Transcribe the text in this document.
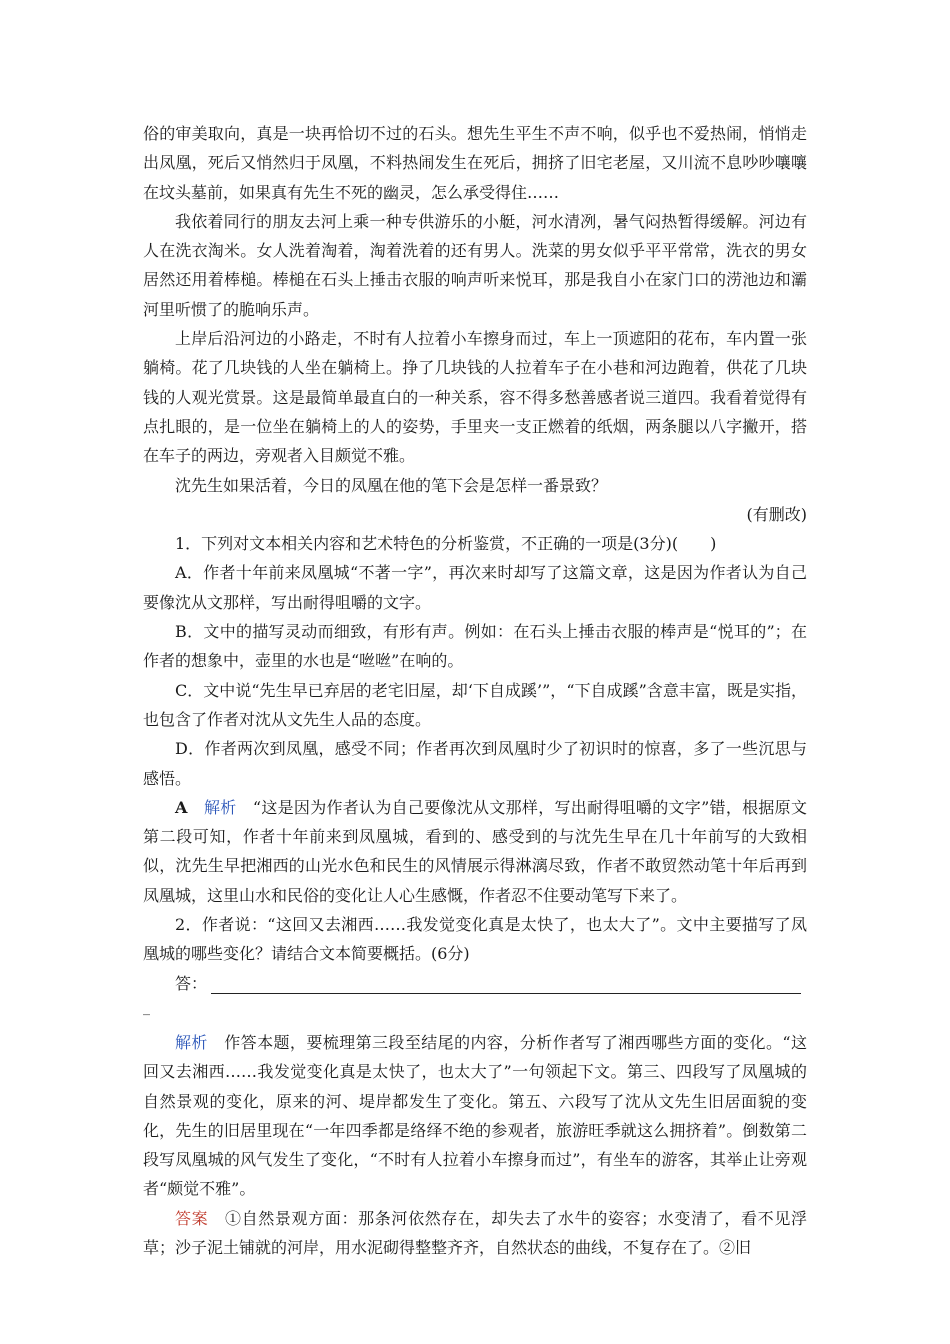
俗的审美取向，真是一块再恰切不过的石头。想先生平生不声不响，似乎也不爱热闹，悄悄走出凤凰，死后又悄然归于凤凰，不料热闹发生在死后，拥挤了旧宅老屋，又川流不息吵吵嚷嚷在坟头墓前，如果真有先生不死的幽灵，怎么承受得住……

我依着同行的朋友去河上乘一种专供游乐的小艇，河水清冽，暑气闷热暂得缓解。河边有人在洗衣淘米。女人洗着淘着，淘着洗着的还有男人。洗菜的男女似乎平平常常，洗衣的男女居然还用着棒槌。棒槌在石头上捶击衣服的响声听来悦耳，那是我自小在家门口的涝池边和灞河里听惯了的脆响乐声。

上岸后沿河边的小路走，不时有人拉着小车擦身而过，车上一顶遮阳的花布，车内置一张躺椅。花了几块钱的人坐在躺椅上。挣了几块钱的人拉着车子在小巷和河边跑着，供花了几块钱的人观光赏景。这是最简单最直白的一种关系，容不得多愁善感者说三道四。我看着觉得有点扎眼的，是一位坐在躺椅上的人的姿势，手里夹一支正燃着的纸烟，两条腿以八字撇开，搭在车子的两边，旁观者入目颇觉不雅。

沈先生如果活着，今日的凤凰在他的笔下会是怎样一番景致？

(有删改)

1．下列对文本相关内容和艺术特色的分析鉴赏，不正确的一项是(3分)(　　)

A．作者十年前来凤凰城“不著一字”，再次来时却写了这篇文章，这是因为作者认为自己要像沈从文那样，写出耐得咀嚼的文字。

B．文中的描写灵动而细致，有形有声。例如：在石头上捶击衣服的棒声是“悦耳的”；在作者的想象中，壶里的水也是“咝咝”在响的。

C．文中说“先生早已弃居的老宅旧屋，却‘下自成蹊’”，“下自成蹊”含意丰富，既是实指，也包含了作者对沈从文先生人品的态度。

D．作者两次到凤凰，感受不同；作者再次到凤凰时少了初识时的惊喜，多了一些沉思与感悟。

A　 解析　 “这是因为作者认为自己要像沈从文那样，写出耐得咀嚼的文字”错，根据原文第二段可知，作者十年前来到凤凰城，看到的、感受到的与沈先生早在几十年前写的大致相似，沈先生早把湘西的山光水色和民生的风情展示得淋漓尽致，作者不敢贸然动笔十年后再到凤凰城，这里山水和民俗的变化让人心生感慨，作者忍不住要动笔写下来了。

2．作者说：“这回又去湘西……我发觉变化真是太快了，也太大了”。文中主要描写了凤凰城的哪些变化？请结合文本简要概括。(6分)

答：

_

解析　 作答本题，要梳理第三段至结尾的内容，分析作者写了湘西哪些方面的变化。“这回又去湘西……我发觉变化真是太快了，也太大了”一句领起下文。第三、四段写了凤凰城的自然景观的变化，原来的河、堤岸都发生了变化。第五、六段写了沈从文先生旧居面貌的变化，先生的旧居里现在“一年四季都是络绎不绝的参观者，旅游旺季就这么拥挤着”。倒数第二段写凤凰城的风气发生了变化，“不时有人拉着小车擦身而过”，有坐车的游客，其举止让旁观者“颇觉不雅”。

答案　 ①自然景观方面：那条河依然存在，却失去了水牛的姿容；水变清了，看不见浮草；沙子泥土铺就的河岸，用水泥砌得整整齐齐，自然状态的曲线，不复存在了。②旧
